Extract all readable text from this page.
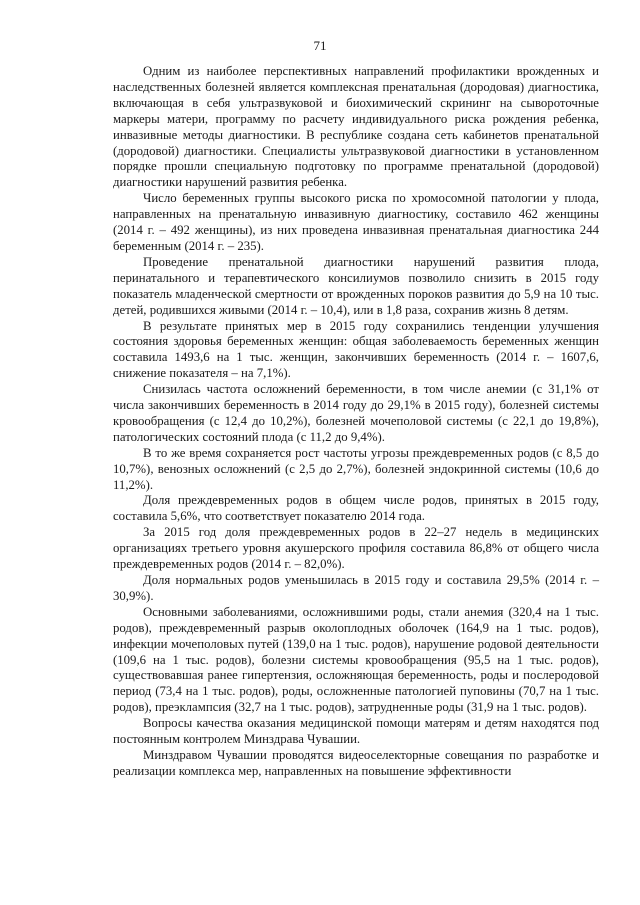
71

Одним из наиболее перспективных направлений профилактики врожденных и наследственных болезней является комплексная пренатальная (дородовая) диагностика, включающая в себя ультразвуковой и биохимический скрининг на сывороточные маркеры матери, программу по расчету индивидуального риска рождения ребенка, инвазивные методы диагностики. В республике создана сеть кабинетов пренатальной (дородовой) диагностики. Специалисты ультразвуковой диагностики в установленном порядке прошли специальную подготовку по программе пренатальной (дородовой) диагностики нарушений развития ребенка.

Число беременных группы высокого риска по хромосомной патологии у плода, направленных на пренатальную инвазивную диагностику, составило 462 женщины (2014 г. – 492 женщины), из них проведена инвазивная пренатальная диагностика 244 беременным (2014 г. – 235).

Проведение пренатальной диагностики нарушений развития плода, перинатального и терапевтического консилиумов позволило снизить в 2015 году показатель младенческой смертности от врожденных пороков развития до 5,9 на 10 тыс. детей, родившихся живыми (2014 г. – 10,4), или в 1,8 раза, сохранив жизнь 8 детям.

В результате принятых мер в 2015 году сохранились тенденции улучшения состояния здоровья беременных женщин: общая заболеваемость беременных женщин составила 1493,6 на 1 тыс. женщин, закончивших беременность (2014 г. – 1607,6, снижение показателя – на 7,1%).

Снизилась частота осложнений беременности, в том числе анемии (с 31,1% от числа закончивших беременность в 2014 году до 29,1% в 2015 году), болезней системы кровообращения (с 12,4 до 10,2%), болезней мочеполовой системы (с 22,1 до 19,8%), патологических состояний плода (с 11,2 до 9,4%).

В то же время сохраняется рост частоты угрозы преждевременных родов (с 8,5 до 10,7%), венозных осложнений (с 2,5 до 2,7%), болезней эндокринной системы (10,6 до 11,2%).

Доля преждевременных родов в общем числе родов, принятых в 2015 году, составила 5,6%, что соответствует показателю 2014 года.

За 2015 год доля преждевременных родов в 22–27 недель в медицинских организациях третьего уровня акушерского профиля составила 86,8% от общего числа преждевременных родов (2014 г. – 82,0%).

Доля нормальных родов уменьшилась в 2015 году и составила 29,5% (2014 г. – 30,9%).

Основными заболеваниями, осложнившими роды, стали анемия (320,4 на 1 тыс. родов), преждевременный разрыв околоплодных оболочек (164,9 на 1 тыс. родов), инфекции мочеполовых путей (139,0 на 1 тыс. родов), нарушение родовой деятельности (109,6 на 1 тыс. родов), болезни системы кровообращения (95,5 на 1 тыс. родов), существовавшая ранее гипертензия, осложняющая беременность, роды и послеродовой период (73,4 на 1 тыс. родов), роды, осложненные патологией пуповины (70,7 на 1 тыс. родов), преэклампсия (32,7 на 1 тыс. родов), затрудненные роды (31,9 на 1 тыс. родов).

Вопросы качества оказания медицинской помощи матерям и детям находятся под постоянным контролем Минздрава Чувашии.

Минздравом Чувашии проводятся видеоселекторные совещания по разработке и реализации комплекса мер, направленных на повышение эффективности
